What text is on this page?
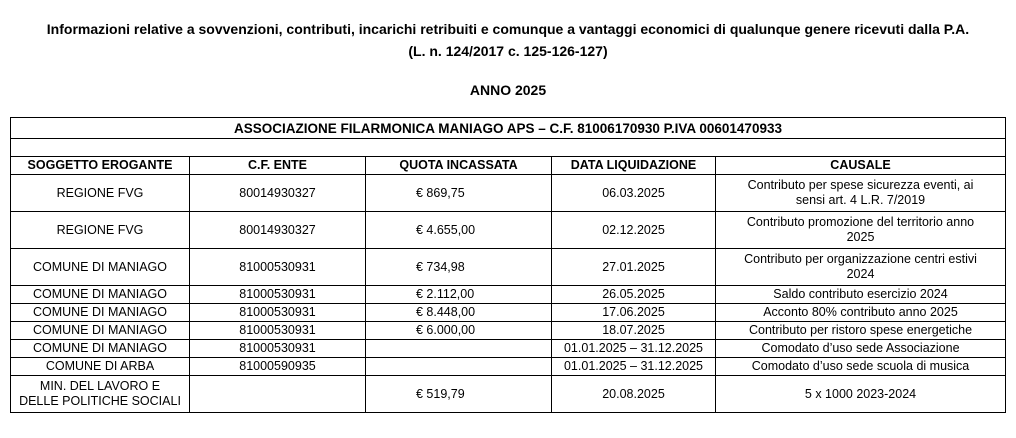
Informazioni relative a sovvenzioni, contributi, incarichi retribuiti e comunque a vantaggi economici di qualunque genere ricevuti dalla P.A.
(L. n. 124/2017 c. 125-126-127)
ANNO 2025
ASSOCIAZIONE FILARMONICA MANIAGO APS – C.F. 81006170930 P.IVA 00601470933				

SOGGETTO EROGANTE	C.F. ENTE	QUOTA INCASSATA	DATA LIQUIDAZIONE	CAUSALE

REGIONE FVG	80014930327	€ 869,75	06.03.2025	Contributo per spese sicurezza eventi, ai
sensi art. 4 L.R. 7/2019

REGIONE FVG	80014930327	€ 4.655,00	02.12.2025	Contributo promozione del territorio anno
2025

COMUNE DI MANIAGO	81000530931	€ 734,98	27.01.2025	Contributo per organizzazione centri estivi
2024

COMUNE DI MANIAGO	81000530931	€ 2.112,00	26.05.2025	Saldo contributo esercizio 2024

COMUNE DI MANIAGO	81000530931	€ 8.448,00	17.06.2025	Acconto 80% contributo anno 2025

COMUNE DI MANIAGO	81000530931	€ 6.000,00	18.07.2025	Contributo per ristoro spese energetiche

COMUNE DI MANIAGO	81000530931		01.01.2025 – 31.12.2025	Comodato d’uso sede Associazione

COMUNE DI ARBA	81000590935		01.01.2025 – 31.12.2025	Comodato d’uso sede scuola di musica

MIN. DEL LAVORO E
DELLE POLITICHE SOCIALI		€ 519,79	20.08.2025	5 x 1000 2023-2024
